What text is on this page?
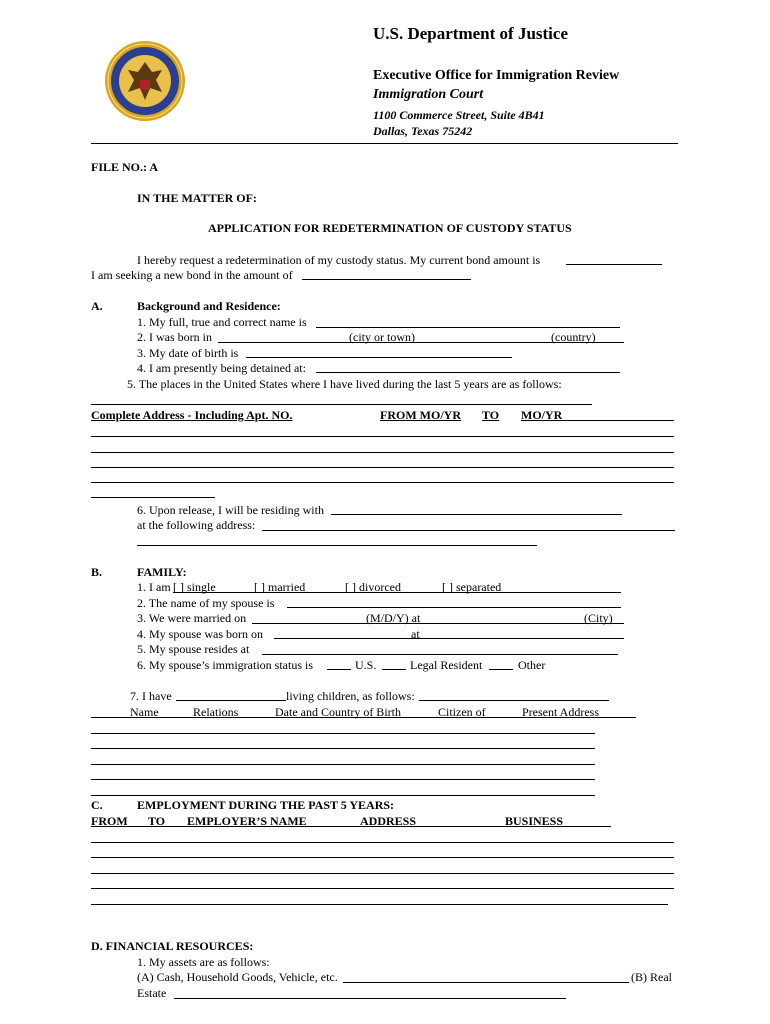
U.S. Department of Justice
Executive Office for Immigration Review
Immigration Court
1100 Commerce Street, Suite 4B41
Dallas, Texas 75242
FILE NO.: A
IN THE MATTER OF:
APPLICATION FOR REDETERMINATION OF CUSTODY STATUS
I hereby request a redetermination of my custody status. My current bond amount is
I am seeking a new bond in the amount of
A.	Background and Residence:
1. My full, true and correct name is
2. I was born in	(city or town)	(country)
3. My date of birth is
4. I am presently being detained at:
5. The places in the United States where I have lived during the last 5 years are as follows:
Complete Address - Including Apt. NO.	FROM MO/YR TO MO/YR
6. Upon release, I will be residing with
at the following address:
B.	FAMILY:
1. I am [ ] single	[ ] married	[ ] divorced	[ ] separated
2. The name of my spouse is
3. We were married on	(M/D/Y) at	(City)
4. My spouse was born on	at
5. My spouse resides at
6. My spouse’s immigration status is	U.S.	Legal Resident	Other
7. I have	living children, as follows:
Name	Relations	Date and Country of Birth	Citizen of	Present Address
C.	EMPLOYMENT DURING THE PAST 5 YEARS:
FROM TO EMPLOYER’S NAME	ADDRESS	BUSINESS
D. FINANCIAL RESOURCES:
1. My assets are as follows:
(A) Cash, Household Goods, Vehicle, etc.	(B) Real
Estate
